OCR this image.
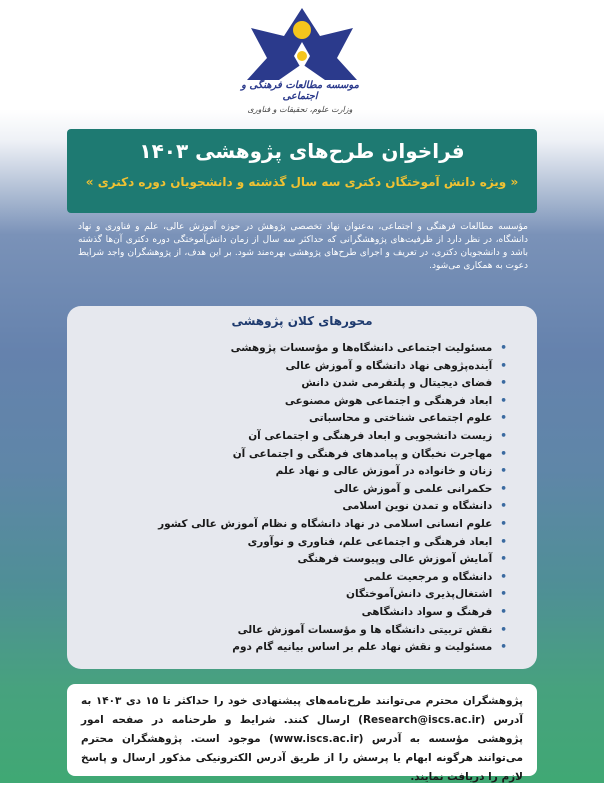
موسسه مطالعات فرهنگی و اجتماعی
وزارت علوم، تحقیقات و فناوری
فراخوان طرح‌های پژوهشی ۱۴۰۳
« ویژه دانش آموختگان دکتری سه سال گذشته و دانشجویان دوره دکتری »
مؤسسه مطالعات فرهنگی و اجتماعی، به‌عنوان نهاد تخصصی پژوهش در حوزه آموزش عالی، علم و فناوری و نهاد دانشگاه، در نظر دارد از ظرفیت‌های پژوهشگرانی که حداکثر سه سال از زمان دانش‌آموختگی دوره دکتری آن‌ها گذشته باشد و دانشجویان دکتری، در تعریف و اجرای طرح‌های پژوهشی بهره‌مند شود. بر این هدف، از پژوهشگران واجد شرایط دعوت به همکاری می‌شود.
محورهای کلان پژوهشی
• مسئولیت اجتماعی دانشگاه‌ها و مؤسسات پژوهشی
• آینده‌پژوهی نهاد دانشگاه و آموزش عالی
• فضای دیجیتال و پلتفرمی شدن دانش
• ابعاد فرهنگی و اجتماعی هوش مصنوعی
• علوم اجتماعی شناختی و محاسباتی
• زیست دانشجویی و ابعاد فرهنگی و اجتماعی آن
• مهاجرت نخبگان و پیامدهای فرهنگی و اجتماعی آن
• زنان و خانواده در آموزش عالی و نهاد علم
• حکمرانی علمی و آموزش عالی
• دانشگاه و تمدن نوین اسلامی
• علوم انسانی اسلامی در نهاد دانشگاه و نظام آموزش عالی کشور
• ابعاد فرهنگی و اجتماعی علم، فناوری و نوآوری
• آمایش آموزش عالی وپیوست فرهنگی
• دانشگاه و مرجعیت علمی
• اشتغال‌پذیری دانش‌آموختگان
• فرهنگ و سواد دانشگاهی
• نقش تربیتی دانشگاه ها و مؤسسات آموزش عالی
• مسئولیت و نقش نهاد علم بر اساس بیانیه گام دوم
پژوهشگران محترم می‌توانند طرح‌نامه‌های پیشنهادی خود را حداکثر تا ۱۵ دی ۱۴۰۳ به آدرس (Research@iscs.ac.ir) ارسال کنند. شرایط و طرحنامه در صفحه امور پژوهشی مؤسسه به آدرس (www.iscs.ac.ir) موجود است. پژوهشگران محترم می‌توانند هرگونه ابهام یا پرسش را از طریق آدرس الکترونیکی مذکور ارسال و پاسخ لازم را دریافت نمایند.
